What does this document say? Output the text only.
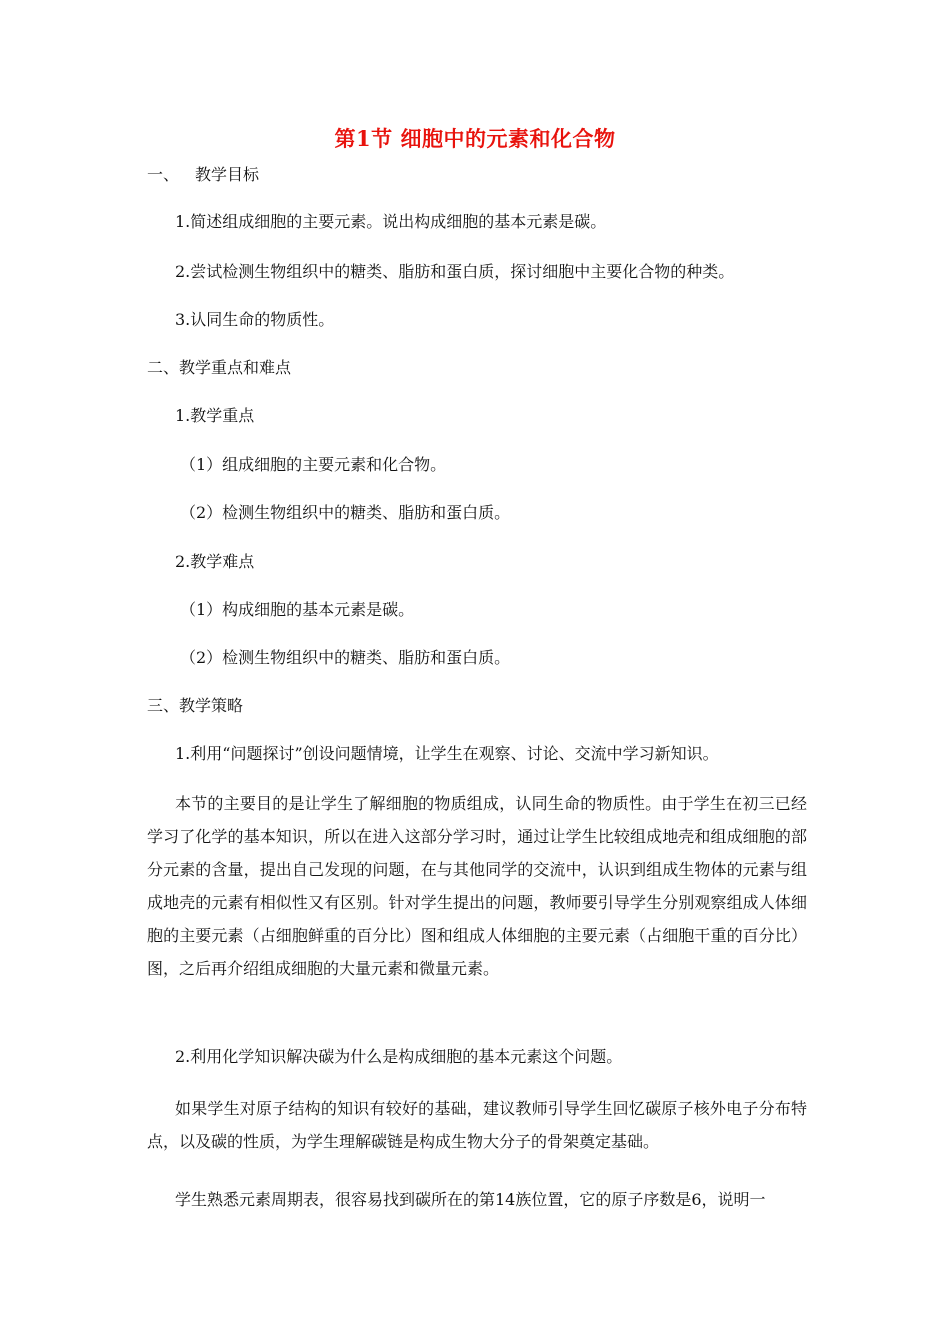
第1节 细胞中的元素和化合物
一、 教学目标
1.简述组成细胞的主要元素。说出构成细胞的基本元素是碳。
2.尝试检测生物组织中的糖类、脂肪和蛋白质，探讨细胞中主要化合物的种类。
3.认同生命的物质性。
二、教学重点和难点
1.教学重点
（1）组成细胞的主要元素和化合物。
（2）检测生物组织中的糖类、脂肪和蛋白质。
2.教学难点
（1）构成细胞的基本元素是碳。
（2）检测生物组织中的糖类、脂肪和蛋白质。
三、教学策略
1.利用“问题探讨”创设问题情境，让学生在观察、讨论、交流中学习新知识。
本节的主要目的是让学生了解细胞的物质组成，认同生命的物质性。由于学生在初三已经学习了化学的基本知识，所以在进入这部分学习时，通过让学生比较组成地壳和组成细胞的部分元素的含量，提出自己发现的问题，在与其他同学的交流中，认识到组成生物体的元素与组成地壳的元素有相似性又有区别。针对学生提出的问题，教师要引导学生分别观察组成人体细胞的主要元素（占细胞鲜重的百分比）图和组成人体细胞的主要元素（占细胞干重的百分比）图，之后再介绍组成细胞的大量元素和微量元素。
2.利用化学知识解决碳为什么是构成细胞的基本元素这个问题。
如果学生对原子结构的知识有较好的基础，建议教师引导学生回忆碳原子核外电子分布特点，以及碳的性质，为学生理解碳链是构成生物大分子的骨架奠定基础。
学生熟悉元素周期表，很容易找到碳所在的第14族位置，它的原子序数是6，说明一
